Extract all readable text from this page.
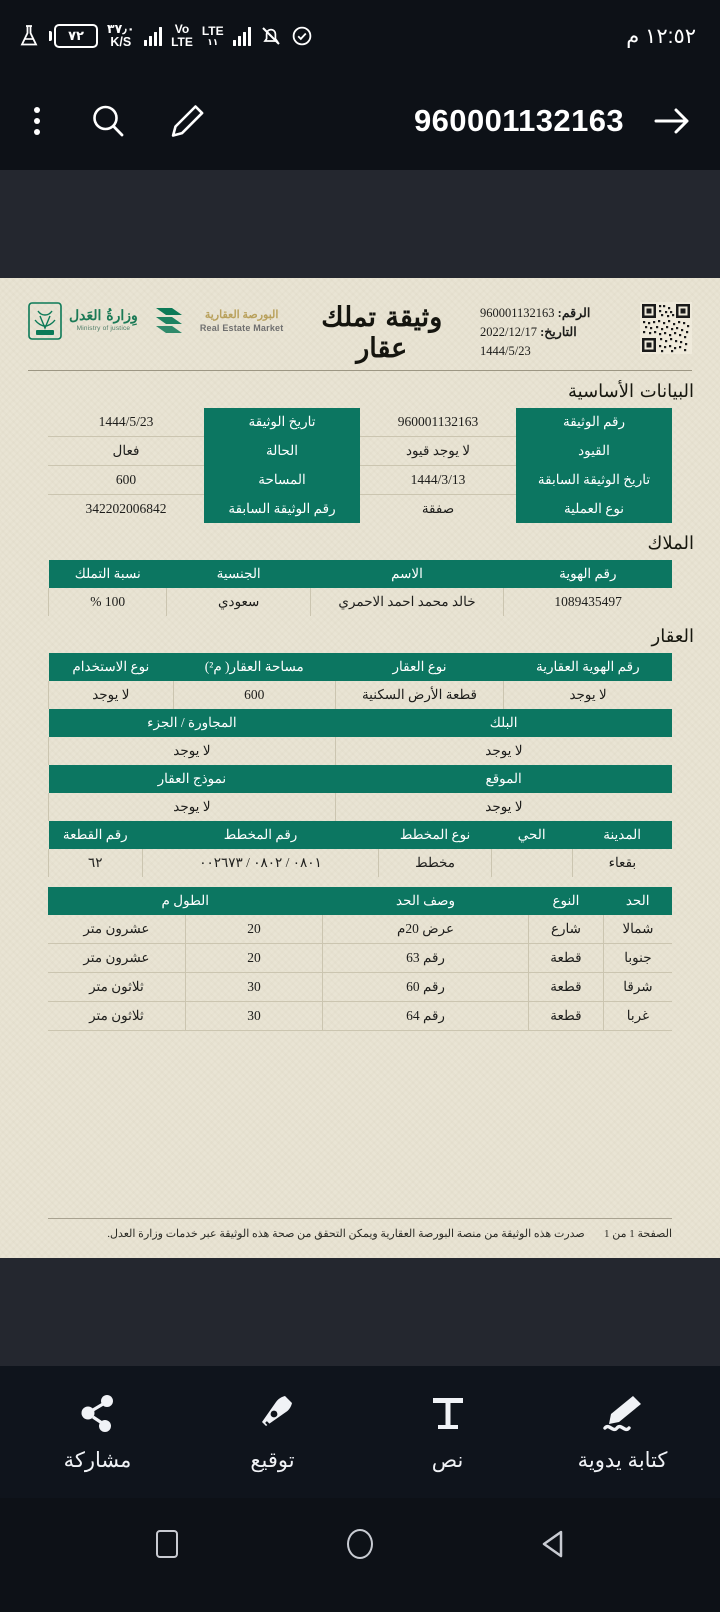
٧٢ ٣٧٫٠
K/S
Vo
LTE
LTE
١١	١٢:٥٢ م
960001132163
الرقم: 960001132163
التاريخ: 2022/12/17
1444/5/23
وثيقة تملك عقار
البورصة العقارية
Real Estate Market
وِزارةُ العَدل
Ministry of justice
البيانات الأساسية
رقم الوثيقة	960001132163	تاريخ الوثيقة	1444/5/23
القيود	لا يوجد قيود	الحالة	فعال
تاريخ الوثيقة السابقة	1444/3/13	المساحة	600
نوع العملية	صفقة	رقم الوثيقة السابقة	342202006842
الملاك
رقم الهوية	الاسم	الجنسية	نسبة التملك
1089435497	خالد محمد احمد الاحمري	سعودي	100 %
العقار
رقم الهوية العقارية	نوع العقار	مساحة العقار( م²)	نوع الاستخدام
لا يوجد	قطعة الأرض السكنية	600	لا يوجد
البلك		المجاورة / الجزء	
لا يوجد		لا يوجد	
الموقع		نموذج العقار	
لا يوجد		لا يوجد	
المدينة	الحي	نوع المخطط	رقم المخطط	رقم القطعة
بقعاء		مخطط	٠٨٠١ / ٠٨٠٢ / ٠٠٢٦٧٣	٦٢
الحد	النوع	وصف الحد	الطول م	
شمالا	شارع	عرض 20م	20	عشرون متر
جنوبا	قطعة	رقم 63	20	عشرون متر
شرقا	قطعة	رقم 60	30	ثلاثون متر
غربا	قطعة	رقم 64	30	ثلاثون متر
الصفحة 1 من 1
صدرت هذه الوثيقة من منصة البورصة العقارية ويمكن التحقق من صحة هذه الوثيقة عبر خدمات وزارة العدل.
كتابة يدوية
نص
توقيع
مشاركة
